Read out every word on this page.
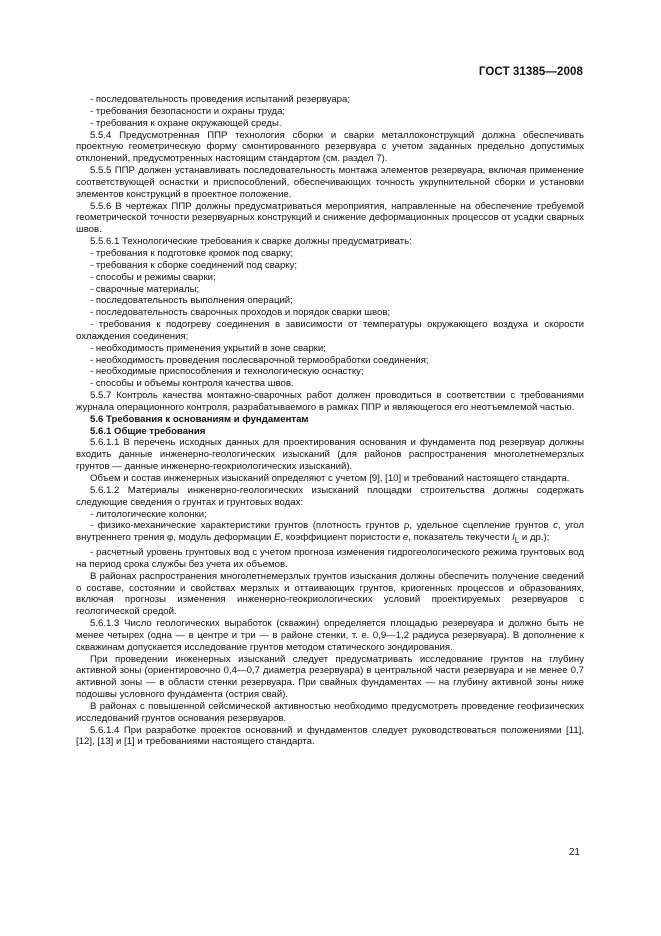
ГОСТ 31385—2008

- последовательность проведения испытаний резервуара;

- требования безопасности и охраны труда;

- требования к охране окружающей среды.

5.5.4 Предусмотренная ППР технология сборки и сварки металлоконструкций должна обеспечивать проектную геометрическую форму смонтированного резервуара с учетом заданных предельно допустимых отклонений, предусмотренных настоящим стандартом (см. раздел 7).

5.5.5 ППР должен устанавливать последовательность монтажа элементов резервуара, включая применение соответствующей оснастки и приспособлений, обеспечивающих точность укрупнительной сборки и установки элементов конструкций в проектное положение.

5.5.6 В чертежах ППР должны предусматриваться мероприятия, направленные на обеспечение требуемой геометрической точности резервуарных конструкций и снижение деформационных процессов от усадки сварных швов.

5.5.6.1 Технологические требования к сварке должны предусматривать:

- требования к подготовке кромок под сварку;

- требования к сборке соединений под сварку;

- способы и режимы сварки;

- сварочные материалы;

- последовательность выполнения операций;

- последовательность сварочных проходов и порядок сварки швов;

- требования к подогреву соединения в зависимости от температуры окружающего воздуха и скорости охлаждения соединения;

- необходимость применения укрытий в зоне сварки;

- необходимость проведения послесварочной термообработки соединения;

- необходимые приспособления и технологическую оснастку;

- способы и объемы контроля качества швов.

5.5.7 Контроль качества монтажно-сварочных работ должен проводиться в соответствии с требованиями журнала операционного контроля, разрабатываемого в рамках ППР и являющегося его неотъемлемой частью.

5.6 Требования к основаниям и фундаментам

5.6.1 Общие требования

5.6.1.1 В перечень исходных данных для проектирования основания и фундамента под резервуар должны входить данные инженерно-геологических изысканий (для районов распространения многолетнемерзлых грунтов — данные инженерно-геокриологических изысканий).

Объем и состав инженерных изысканий определяют с учетом [9], [10] и требований настоящего стандарта.

5.6.1.2 Материалы инженерно-геологических изысканий площадки строительства должны содержать следующие сведения о грунтах и грунтовых водах:

- литологические колонки;

- физико-механические характеристики грунтов (плотность грунтов ρ, удельное сцепление грунтов с, угол внутреннего трения φ, модуль деформации E, коэффициент пористости е, показатель текучести $I_L$ и др.);

- расчетный уровень грунтовых вод с учетом прогноза изменения гидрогеологического режима грунтовых вод на период срока службы без учета их объемов.

В районах распространения многолетнемерзлых грунтов изыскания должны обеспечить получение сведений о составе, состоянии и свойствах мерзлых и оттаивающих грунтов, криогенных процессов и образованиях, включая прогнозы изменения инженерно-геокриологических условий проектируемых резервуаров с геологической средой.

5.6.1.3 Число геологических выработок (скважин) определяется площадью резервуара и должно быть не менее четырех (одна — в центре и три — в районе стенки, т. е. 0,9—1,2 радиуса резервуара). В дополнение к скважинам допускается исследование грунтов методом статического зондирования.

При проведении инженерных изысканий следует предусматривать исследование грунтов на глубину активной зоны (ориентировочно 0,4—0,7 диаметра резервуара) в центральной части резервуара и не менее 0,7 активной зоны — в области стенки резервуара. При свайных фундаментах — на глубину активной зоны ниже подошвы условного фундамента (острия свай).

В районах с повышенной сейсмической активностью необходимо предусмотреть проведение геофизических исследований грунтов основания резервуаров.

5.6.1.4 При разработке проектов оснований и фундаментов следует руководствоваться положениями [11], [12], [13] и [1] и требованиями настоящего стандарта.

21
